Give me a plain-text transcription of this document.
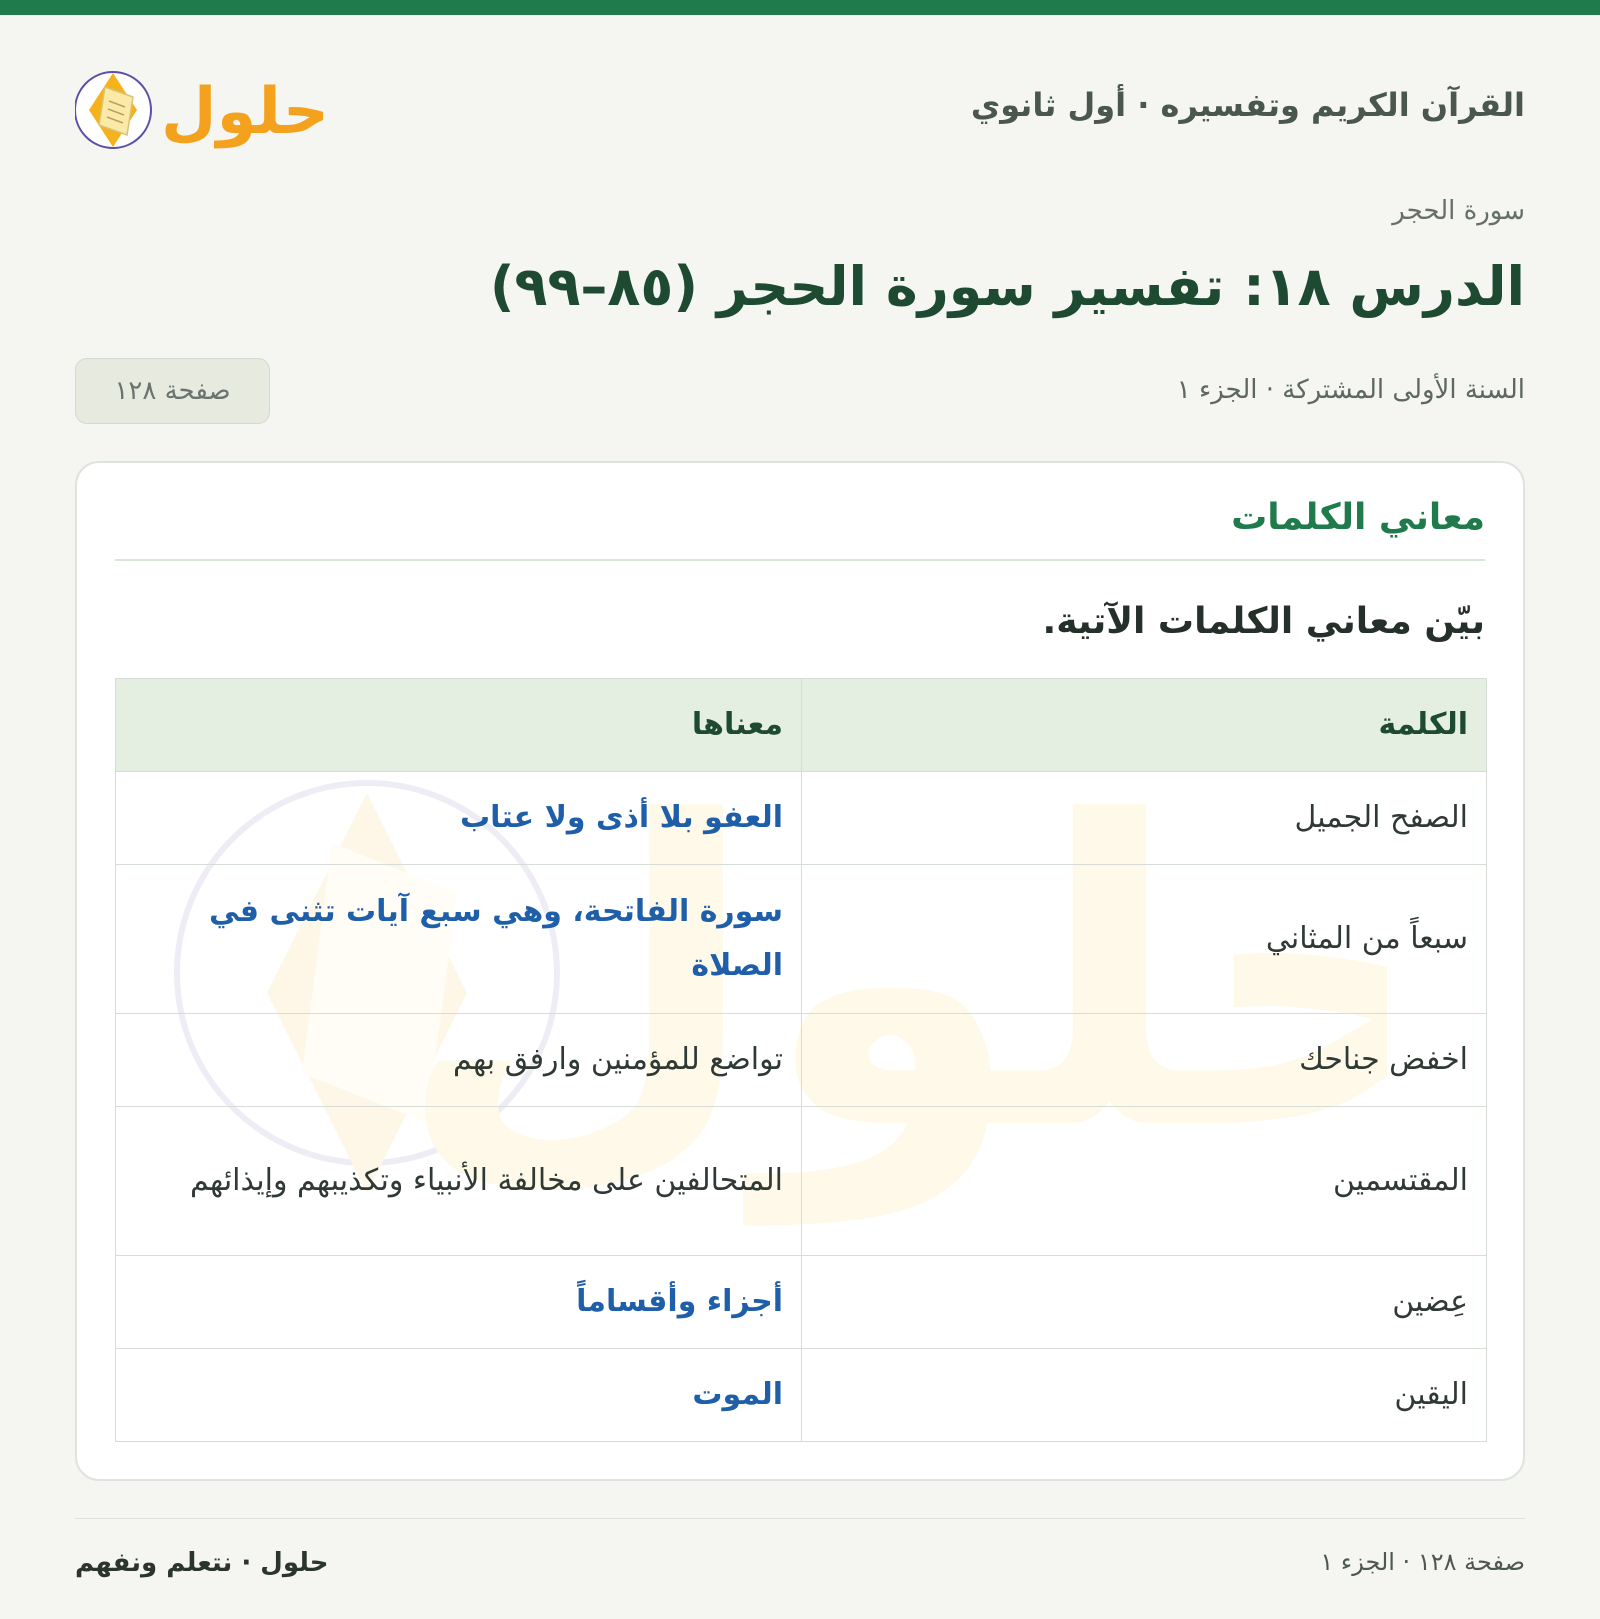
القرآن الكريم وتفسيره · أول ثانوي
حلول
سورة الحجر
الدرس ١٨: تفسير سورة الحجر (٨٥–٩٩)
السنة الأولى المشتركة · الجزء ١
صفحة ١٢٨
معاني الكلمات
بيّن معاني الكلمات الآتية.
الكلمة	معناها
الصفح الجميل	العفو بلا أذى ولا عتاب
سبعاً من المثاني	سورة الفاتحة، وهي سبع آيات تثنى في الصلاة
اخفض جناحك	تواضع للمؤمنين وارفق بهم
المقتسمين	المتحالفين على مخالفة الأنبياء وتكذيبهم وإيذائهم
عِضين	أجزاء وأقساماً
اليقين	الموت
صفحة ١٢٨ · الجزء ١
حلول · نتعلم ونفهم
